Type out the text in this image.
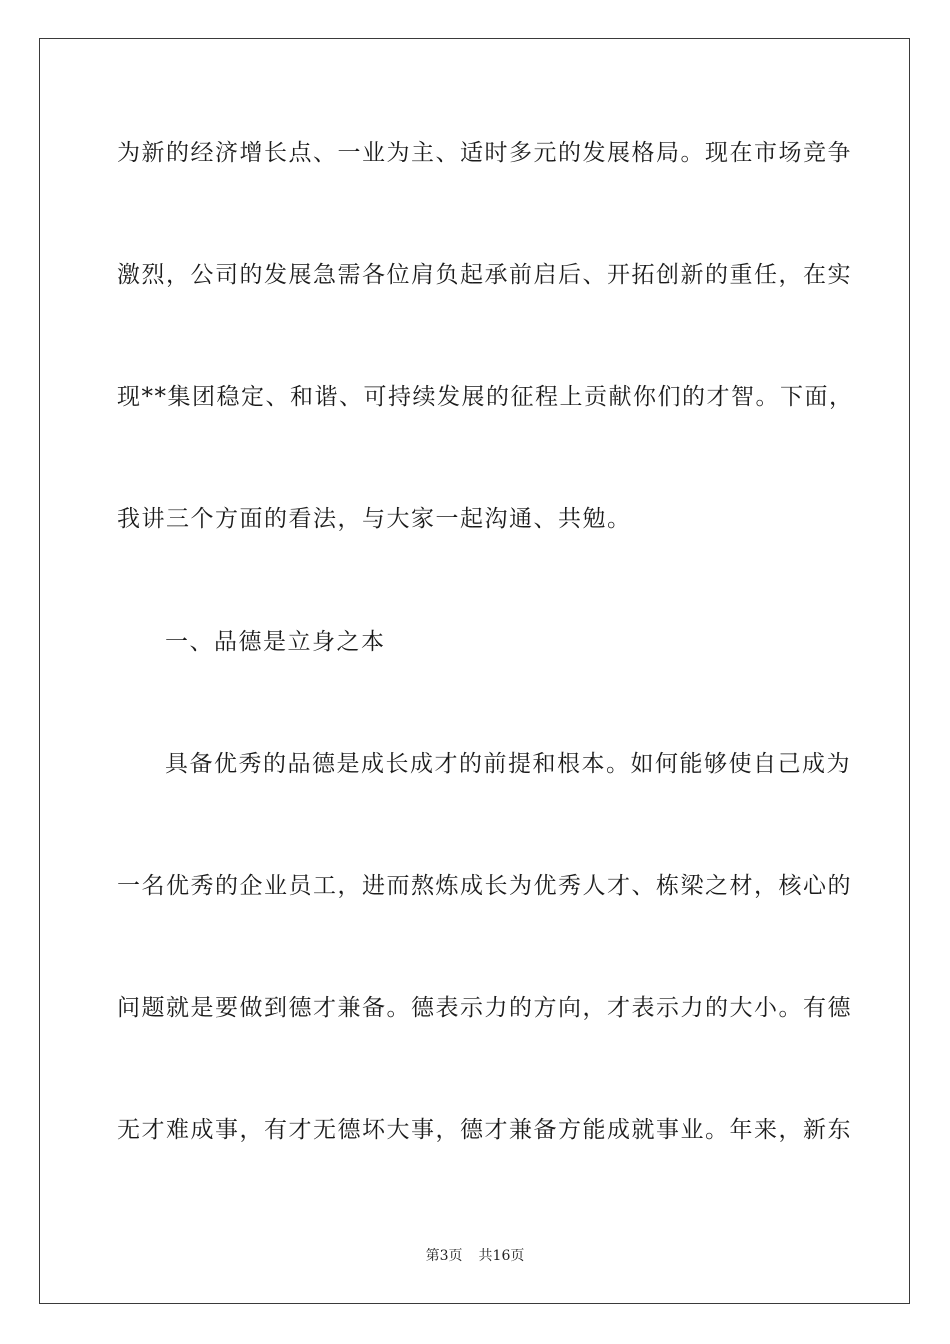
为新的经济增长点、一业为主、适时多元的发展格局。现在市场竞争
激烈，公司的发展急需各位肩负起承前启后、开拓创新的重任，在实
现**集团稳定、和谐、可持续发展的征程上贡献你们的才智。下面，
我讲三个方面的看法，与大家一起沟通、共勉。
一、品德是立身之本
具备优秀的品德是成长成才的前提和根本。如何能够使自己成为
一名优秀的企业员工，进而熬炼成长为优秀人才、栋梁之材，核心的
问题就是要做到德才兼备。德表示力的方向，才表示力的大小。有德
无才难成事，有才无德坏大事，德才兼备方能成就事业。年来，新东
第3页 共16页
